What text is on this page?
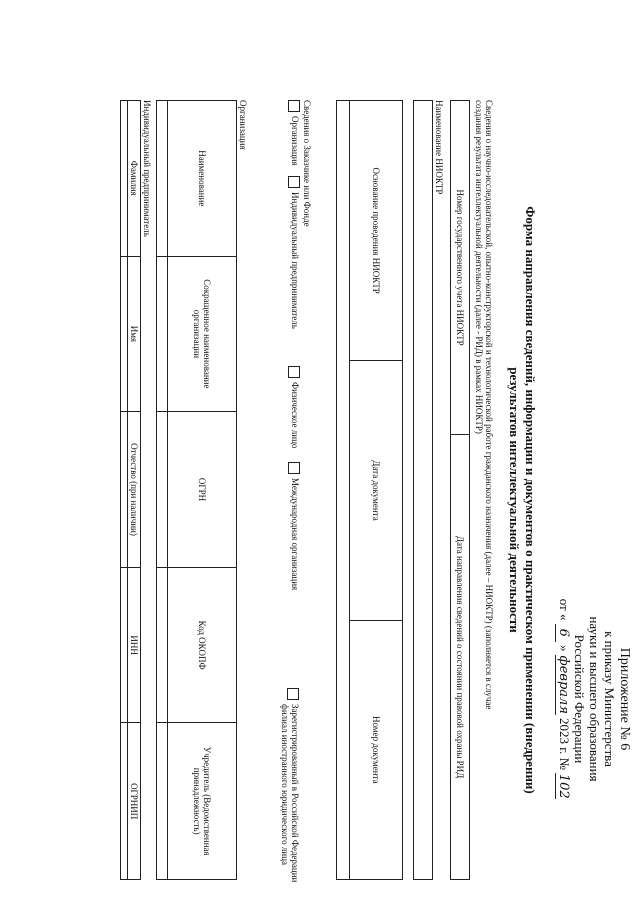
Приложение № 6
к приказу Министерства
науки и высшего образования
Российской Федерации
от « 6 » февраля 2023 г. № 102
Форма направления сведений, информации и документов о практическом применении (внедрении)
результатов интеллектуальной деятельности
Сведения о научно-исследовательской, опытно-конструкторской и технологической работе гражданского назначения (далее – НИОКТР) (заполняется в случае
создания результата интеллектуальной деятельности (далее - РИД) в рамках НИОКТР)
Номер государственного учета НИОКТР
Дата направления сведений о состоянии правовой охраны РИД
Наименование НИОКТР
Основание проведения НИОКТР
Дата документа
Номер документа
Сведения о Заказчике или Фонде
Организация
Индивидуальный предприниматель
Физическое лицо
Международная организация
Зарегистрированный в Российской Федерации филиал иностранного юридического лица
Организация
Наименование
Сокращенное наименование организации
ОГРН
Код ОКОПФ
Учредитель (Ведомственная принадлежность)
Индивидуальный предприниматель
Фамилия
Имя
Отчество (при наличии)
ИНН
ОГРНИП
